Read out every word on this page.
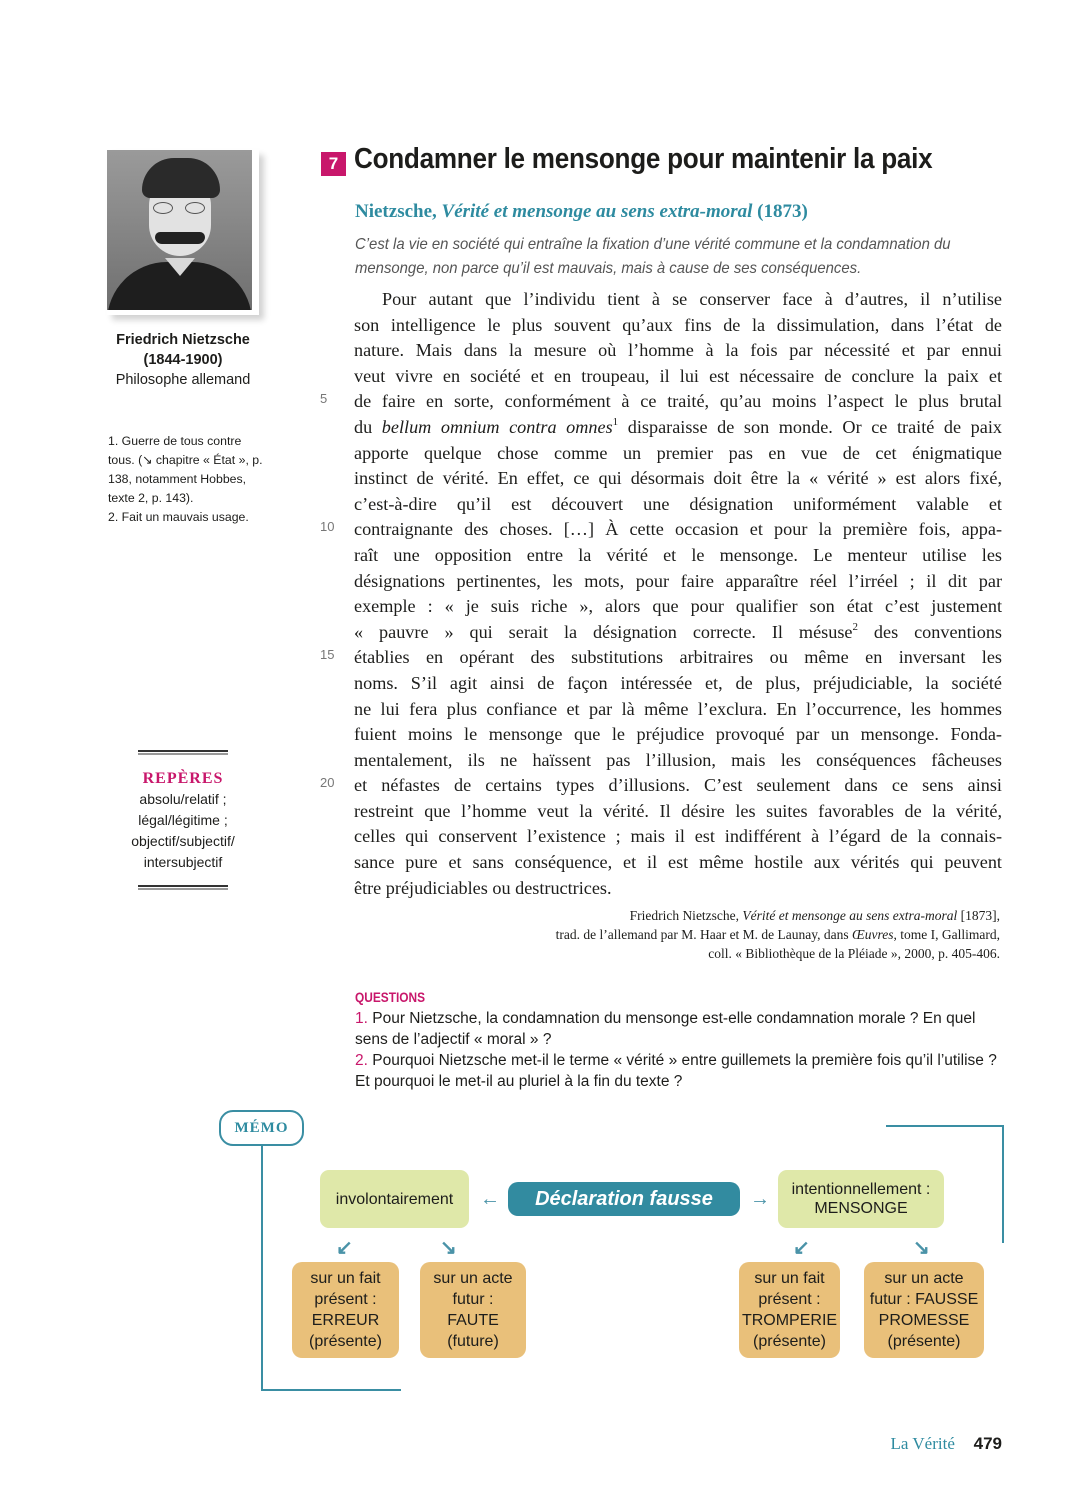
Friedrich Nietzsche
(1844-1900)
Philosophe allemand
1. Guerre de tous contre tous. (↘ chapitre « État », p. 138, notamment Hobbes, texte 2, p. 143).
2. Fait un mauvais usage.
REPÈRES
absolu/relatif ;
légal/légitime ;
objectif/subjectif/
intersubjectif
7 Condamner le mensonge pour maintenir la paix
Nietzsche, Vérité et mensonge au sens extra-moral (1873)
C’est la vie en société qui entraîne la fixation d’une vérité commune et la condamnation du mensonge, non parce qu’il est mauvais, mais à cause de ses conséquences.
5
10
15
20
Pour autant que l’individu tient à se conserver face à d’autres, il n’utilise
son intelligence le plus souvent qu’aux fins de la dissimulation, dans l’état de
nature. Mais dans la mesure où l’homme à la fois par nécessité et par ennui
veut vivre en société et en troupeau, il lui est nécessaire de conclure la paix et
de faire en sorte, conformément à ce traité, qu’au moins l’aspect le plus brutal
du bellum omnium contra omnes$^1$ disparaisse de son monde. Or ce traité de paix
apporte quelque chose comme un premier pas en vue de cet énigmatique
instinct de vérité. En effet, ce qui désormais doit être la « vérité » est alors fixé,
c’est-à-dire qu’il est découvert une désignation uniformément valable et
contraignante des choses. […] À cette occasion et pour la première fois, appa-
raît une opposition entre la vérité et le mensonge. Le menteur utilise les
désignations pertinentes, les mots, pour faire apparaître réel l’irréel ; il dit par
exemple : « je suis riche », alors que pour qualifier son état c’est justement
« pauvre » qui serait la désignation correcte. Il mésuse$^2$ des conventions
établies en opérant des substitutions arbitraires ou même en inversant les
noms. S’il agit ainsi de façon intéressée et, de plus, préjudiciable, la société
ne lui fera plus confiance et par là même l’exclura. En l’occurrence, les hommes
fuient moins le mensonge que le préjudice provoqué par un mensonge. Fonda-
mentalement, ils ne haïssent pas l’illusion, mais les conséquences fâcheuses
et néfastes de certains types d’illusions. C’est seulement dans ce sens ainsi
restreint que l’homme veut la vérité. Il désire les suites favorables de la vérité,
celles qui conservent l’existence ; mais il est indifférent à l’égard de la connais-
sance pure et sans conséquence, et il est même hostile aux vérités qui peuvent
être préjudiciables ou destructrices.
Friedrich Nietzsche, Vérité et mensonge au sens extra-moral [1873],
trad. de l’allemand par M. Haar et M. de Launay, dans Œuvres, tome I, Gallimard,
coll. « Bibliothèque de la Pléiade », 2000, p. 405-406.
QUESTIONS
1. Pour Nietzsche, la condamnation du mensonge est-elle condamnation morale ? En quel sens de l’adjectif « moral » ?
2. Pourquoi Nietzsche met-il le terme « vérité » entre guillemets la première fois qu’il l’utilise ? Et pourquoi le met-il au pluriel à la fin du texte ?
MÉMO
involontairement ←	Déclaration fausse	→ intentionnellement :
MENSONGE
↙	↘	↙	↘
sur un fait
présent :
ERREUR
(présente)
sur un acte
futur :
FAUTE
(future)
sur un fait
présent :
TROMPERIE
(présente)
sur un acte
futur : FAUSSE
PROMESSE
(présente)
La Vérité 479
